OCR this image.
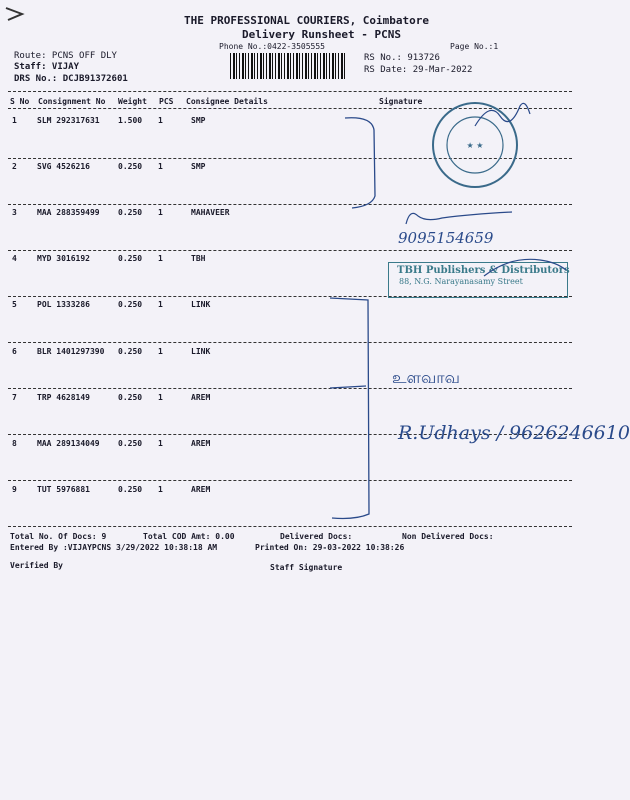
THE PROFESSIONAL COURIERS, Coimbatore
Delivery Runsheet - PCNS
Phone No.:0422-3505555	Page No.:1
Route: PCNS OFF DLY
Staff: VIJAY
DRS No.: DCJB91372601
RS No.: 913726
RS Date: 29-Mar-2022
S No Consignment No Weight PCS Consignee Details	Signature
1	SLM 292317631 1.500 1	SMP
2	SVG 4526216	0.250 1	SMP
3	MAA 288359499 0.250 1	MAHAVEER
4	MYD 3016192	0.250 1	TBH
5	POL 1333286	0.250 1	LINK
6	BLR 1401297390 0.250 1	LINK
7	TRP 4628149	0.250 1	AREM
8	MAA 289134049 0.250 1	AREM
9	TUT 5976881	0.250 1	AREM
Total No. Of Docs: 9	Total COD Amt: 0.00	Delivered Docs:	Non Delivered Docs:
Entered By :VIJAYPCNS 3/29/2022 10:38:18 AM	Printed On: 29-03-2022 10:38:26
Verified By	Staff Signature
★ ★
9095154659
TBH Publishers & Distributors
88, N.G. Narayanasamy Street
உளவாவ
R.Udhays / 9626246610
